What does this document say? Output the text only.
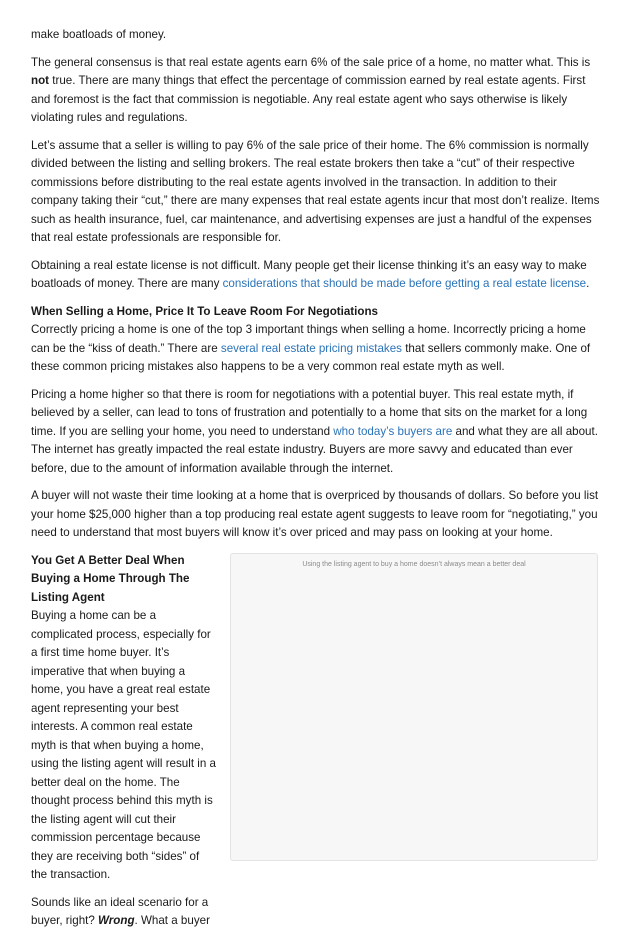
make boatloads of money.

The general consensus is that real estate agents earn 6% of the sale price of a home, no matter what. This is not true. There are many things that effect the percentage of commission earned by real estate agents. First and foremost is the fact that commission is negotiable. Any real estate agent who says otherwise is likely violating rules and regulations.

Let’s assume that a seller is willing to pay 6% of the sale price of their home. The 6% commission is normally divided between the listing and selling brokers. The real estate brokers then take a “cut” of their respective commissions before distributing to the real estate agents involved in the transaction. In addition to their company taking their “cut,” there are many expenses that real estate agents incur that most don’t realize. Items such as health insurance, fuel, car maintenance, and advertising expenses are just a handful of the expenses that real estate professionals are responsible for.

Obtaining a real estate license is not difficult. Many people get their license thinking it’s an easy way to make boatloads of money. There are many considerations that should be made before getting a real estate license.

When Selling a Home, Price It To Leave Room For Negotiations
Correctly pricing a home is one of the top 3 important things when selling a home. Incorrectly pricing a home can be the “kiss of death.” There are several real estate pricing mistakes that sellers commonly make. One of these common pricing mistakes also happens to be a very common real estate myth as well.

Pricing a home higher so that there is room for negotiations with a potential buyer. This real estate myth, if believed by a seller, can lead to tons of frustration and potentially to a home that sits on the market for a long time. If you are selling your home, you need to understand who today’s buyers are and what they are all about. The internet has greatly impacted the real estate industry. Buyers are more savvy and educated than ever before, due to the amount of information available through the internet.

A buyer will not waste their time looking at a home that is overpriced by thousands of dollars. So before you list your home $25,000 higher than a top producing real estate agent suggests to leave room for “negotiating,” you need to understand that most buyers will know it’s over priced and may pass on looking at your home.

Using the listing agent to buy a home doesn’t always mean a better deal

You Get A Better Deal When Buying a Home Through The Listing Agent
Buying a home can be a complicated process, especially for a first time home buyer. It’s imperative that when buying a home, you have a great real estate agent representing your best interests. A common real estate myth is that when buying a home, using the listing agent will result in a better deal on the home. The thought process behind this myth is the listing agent will cut their commission percentage because they are receiving both “sides” of the transaction.

Sounds like an ideal scenario for a buyer, right? Wrong. What a buyer
